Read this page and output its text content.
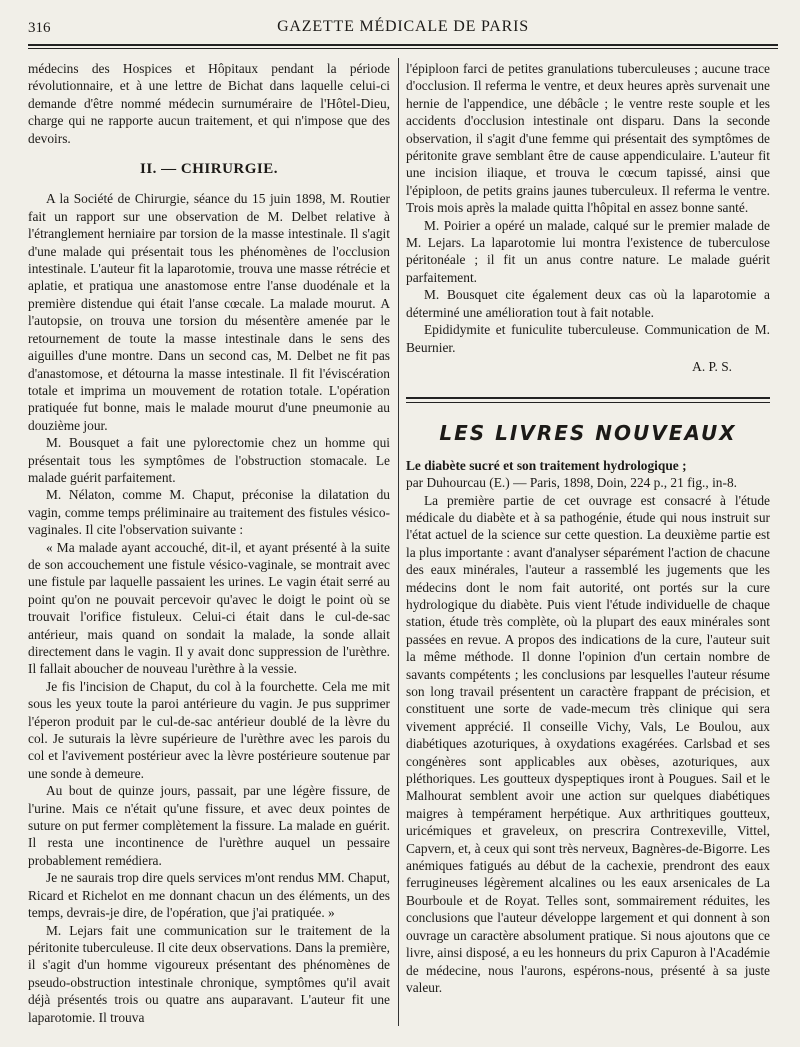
316	GAZETTE MÉDICALE DE PARIS

médecins des Hospices et Hôpitaux pendant la période révolutionnaire, et à une lettre de Bichat dans laquelle celui-ci demande d'être nommé médecin surnuméraire de l'Hôtel-Dieu, charge qui ne rapporte aucun traitement, et qui n'impose que des devoirs.

II. — CHIRURGIE.

A la Société de Chirurgie, séance du 15 juin 1898, M. Routier fait un rapport sur une observation de M. Delbet relative à l'étranglement herniaire par torsion de la masse intestinale. Il s'agit d'une malade qui présentait tous les phénomènes de l'occlusion intestinale. L'auteur fit la laparotomie, trouva une masse rétrécie et aplatie, et pratiqua une anastomose entre l'anse duodénale et la première distendue qui était l'anse cœcale. La malade mourut. A l'autopsie, on trouva une torsion du mésentère amenée par le retournement de toute la masse intestinale dans le sens des aiguilles d'une montre. Dans un second cas, M. Delbet ne fit pas d'anastomose, et détourna la masse intestinale. Il fit l'éviscération totale et imprima un mouvement de rotation totale. L'opération pratiquée fut bonne, mais le malade mourut d'une pneumonie au douzième jour.

M. Bousquet a fait une pylorectomie chez un homme qui présentait tous les symptômes de l'obstruction stomacale. Le malade guérit parfaitement.

M. Nélaton, comme M. Chaput, préconise la dilatation du vagin, comme temps préliminaire au traitement des fistules vésico-vaginales. Il cite l'observation suivante :

« Ma malade ayant accouché, dit-il, et ayant présenté à la suite de son accouchement une fistule vésico-vaginale, se montrait avec une fistule par laquelle passaient les urines. Le vagin était serré au point qu'on ne pouvait percevoir qu'avec le doigt le point où se trouvait l'orifice fistuleux. Celui-ci était dans le cul-de-sac antérieur, mais quand on sondait la malade, la sonde allait directement dans le vagin. Il y avait donc suppression de l'urèthre. Il fallait aboucher de nouveau l'urèthre à la vessie.

Je fis l'incision de Chaput, du col à la fourchette. Cela me mit sous les yeux toute la paroi antérieure du vagin. Je pus supprimer l'éperon produit par le cul-de-sac antérieur doublé de la lèvre du col. Je suturais la lèvre supérieure de l'urèthre avec les parois du col et l'avivement postérieur avec la lèvre postérieure soutenue par une sonde à demeure.

Au bout de quinze jours, passait, par une légère fissure, de l'urine. Mais ce n'était qu'une fissure, et avec deux pointes de suture on put fermer complètement la fissure. La malade en guérit. Il resta une incontinence de l'urèthre auquel un pessaire probablement remédiera.

Je ne saurais trop dire quels services m'ont rendus MM. Chaput, Ricard et Richelot en me donnant chacun un des éléments, un des temps, devrais-je dire, de l'opération, que j'ai pratiquée. »

M. Lejars fait une communication sur le traitement de la péritonite tuberculeuse. Il cite deux observations. Dans la première, il s'agit d'un homme vigoureux présentant des phénomènes de pseudo-obstruction intestinale chronique, symptômes qu'il avait déjà présentés trois ou quatre ans auparavant. L'auteur fit une laparotomie. Il trouva

l'épiploon farci de petites granulations tuberculeuses ; aucune trace d'occlusion. Il referma le ventre, et deux heures après survenait une hernie de l'appendice, une débâcle ; le ventre reste souple et les accidents d'occlusion intestinale ont disparu. Dans la seconde observation, il s'agit d'une femme qui présentait des symptômes de péritonite grave semblant être de cause appendiculaire. L'auteur fit une incision iliaque, et trouva le cœcum tapissé, ainsi que l'épiploon, de petits grains jaunes tuberculeux. Il referma le ventre. Trois mois après la malade quitta l'hôpital en assez bonne santé.

M. Poirier a opéré un malade, calqué sur le premier malade de M. Lejars. La laparotomie lui montra l'existence de tuberculose péritonéale ; il fit un anus contre nature. Le malade guérit parfaitement.

M. Bousquet cite également deux cas où la laparotomie a déterminé une amélioration tout à fait notable.

Epididymite et funiculite tuberculeuse. Communication de M. Beurnier.

A. P. S.

LES LIVRES NOUVEAUX

Le diabète sucré et son traitement hydrologique ;

par Duhourcau (E.) — Paris, 1898, Doin, 224 p., 21 fig., in-8.

La première partie de cet ouvrage est consacré à l'étude médicale du diabète et à sa pathogénie, étude qui nous instruit sur l'état actuel de la science sur cette question. La deuxième partie est la plus importante : avant d'analyser séparément l'action de chacune des eaux minérales, l'auteur a rassemblé les jugements que les médecins dont le nom fait autorité, ont portés sur la cure hydrologique du diabète. Puis vient l'étude individuelle de chaque station, étude très complète, où la plupart des eaux minérales sont passées en revue. A propos des indications de la cure, l'auteur suit la même méthode. Il donne l'opinion d'un certain nombre de savants compétents ; les conclusions par lesquelles l'auteur résume son long travail présentent un caractère frappant de précision, et constituent une sorte de vade-mecum très clinique qui sera vivement apprécié. Il conseille Vichy, Vals, Le Boulou, aux diabétiques azoturiques, à oxydations exagérées. Carlsbad et ses congénères sont applicables aux obèses, azoturiques, aux pléthoriques. Les goutteux dyspeptiques iront à Pougues. Sail et le Malhourat semblent avoir une action sur quelques diabétiques maigres à tempérament herpétique. Aux arthritiques goutteux, uricémiques et graveleux, on prescrira Contrexeville, Vittel, Capvern, et, à ceux qui sont très nerveux, Bagnères-de-Bigorre. Les anémiques fatigués au début de la cachexie, prendront des eaux ferrugineuses légèrement alcalines ou les eaux arsenicales de La Bourboule et de Royat. Telles sont, sommairement réduites, les conclusions que l'auteur développe largement et qui donnent à son ouvrage un caractère absolument pratique. Si nous ajoutons que ce livre, ainsi disposé, a eu les honneurs du prix Capuron à l'Académie de médecine, nous l'aurons, espérons-nous, présenté à sa juste valeur.
